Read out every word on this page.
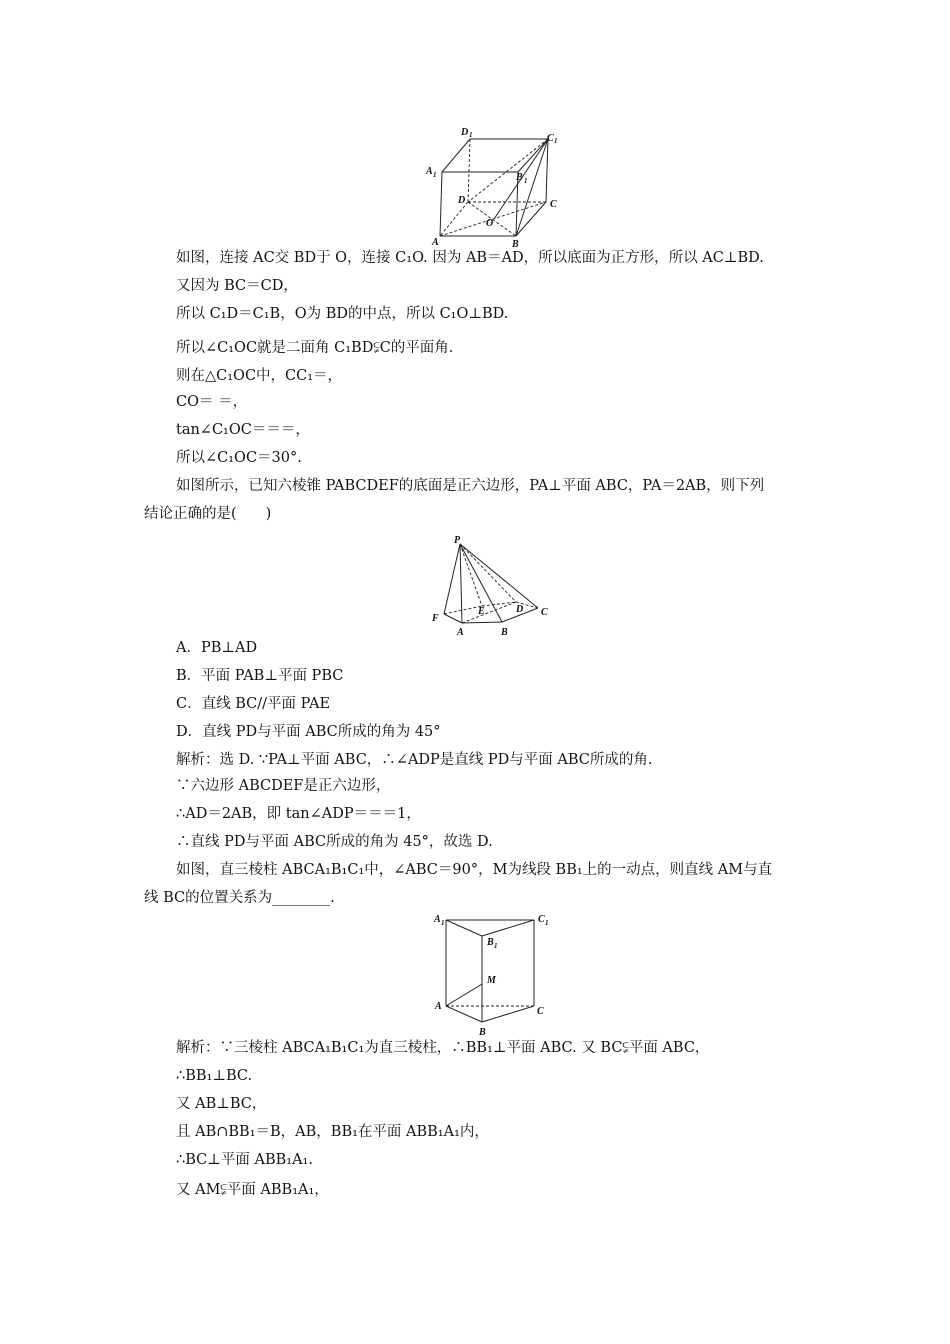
D 1	C 1
A 1	B 1
D	C
O
A	B
P
F
E	D C
A	B
A 1	C 1
B 1
M
A	C
B
如图，连接 AC交 BD于 O，连接 C₁O. 因为 AB＝AD，所以底面为正方形，所以 AC⊥BD.
又因为 BC＝CD，
所以 C₁D＝C₁B，O为 BD的中点，所以 C₁O⊥BD.
所以∠C₁OC就是二面角 C₁BD⫋C的平面角.
则在△C₁OC中，CC₁＝，
CO＝ ＝，
tan∠C₁OC＝＝＝，
所以∠C₁OC＝30°.
如图所示，已知六棱锥 PABCDEF的底面是正六边形，PA⊥平面 ABC，PA＝2AB，则下列
结论正确的是(　　)
A．PB⊥AD
B．平面 PAB⊥平面 PBC
C．直线 BC//平面 PAE
D．直线 PD与平面 ABC所成的角为 45°
解析：选 D. ∵PA⊥平面 ABC，∴∠ADP是直线 PD与平面 ABC所成的角.
∵六边形 ABCDEF是正六边形，
∴AD＝2AB，即 tan∠ADP＝＝＝1，
∴直线 PD与平面 ABC所成的角为 45°，故选 D.
如图，直三棱柱 ABCA₁B₁C₁中，∠ABC＝90°，M为线段 BB₁上的一动点，则直线 AM与直
线 BC的位置关系为________.
解析：∵三棱柱 ABCA₁B₁C₁为直三棱柱，∴BB₁⊥平面 ABC. 又 BC⫋平面 ABC，
∴BB₁⊥BC.
又 AB⊥BC，
且 AB∩BB₁＝B，AB，BB₁在平面 ABB₁A₁内，
∴BC⊥平面 ABB₁A₁.
又 AM⫋平面 ABB₁A₁，
